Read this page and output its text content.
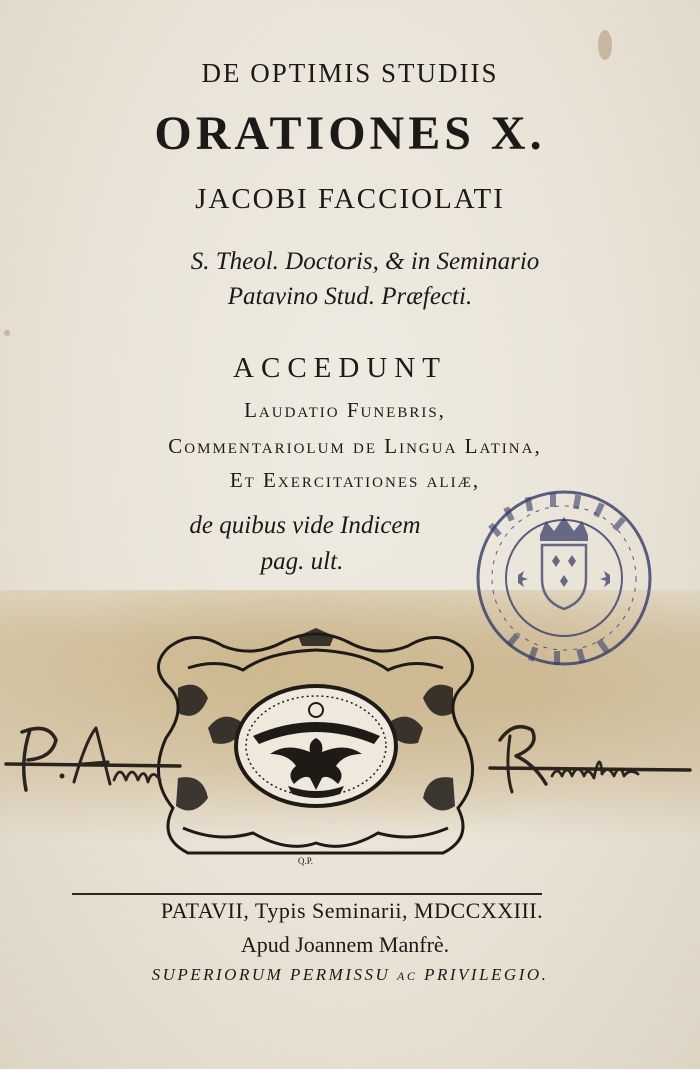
DE OPTIMIS STUDIIS
ORATIONES X.
JACOBI FACCIOLATI
S. Theol. Doctoris, & in Seminario
Patavino Stud. Præfecti.
ACCEDUNT
Laudatio Funebris,
Commentariolum de Lingua Latina,
Et Exercitationes aliæ,
de quibus vide Indicem
pag. ult.
Q.P.
PATAVII, Typis Seminarii, MDCCXXIII.
Apud Joannem Manfrè.
SUPERIORUM PERMISSU ac PRIVILEGIO.
